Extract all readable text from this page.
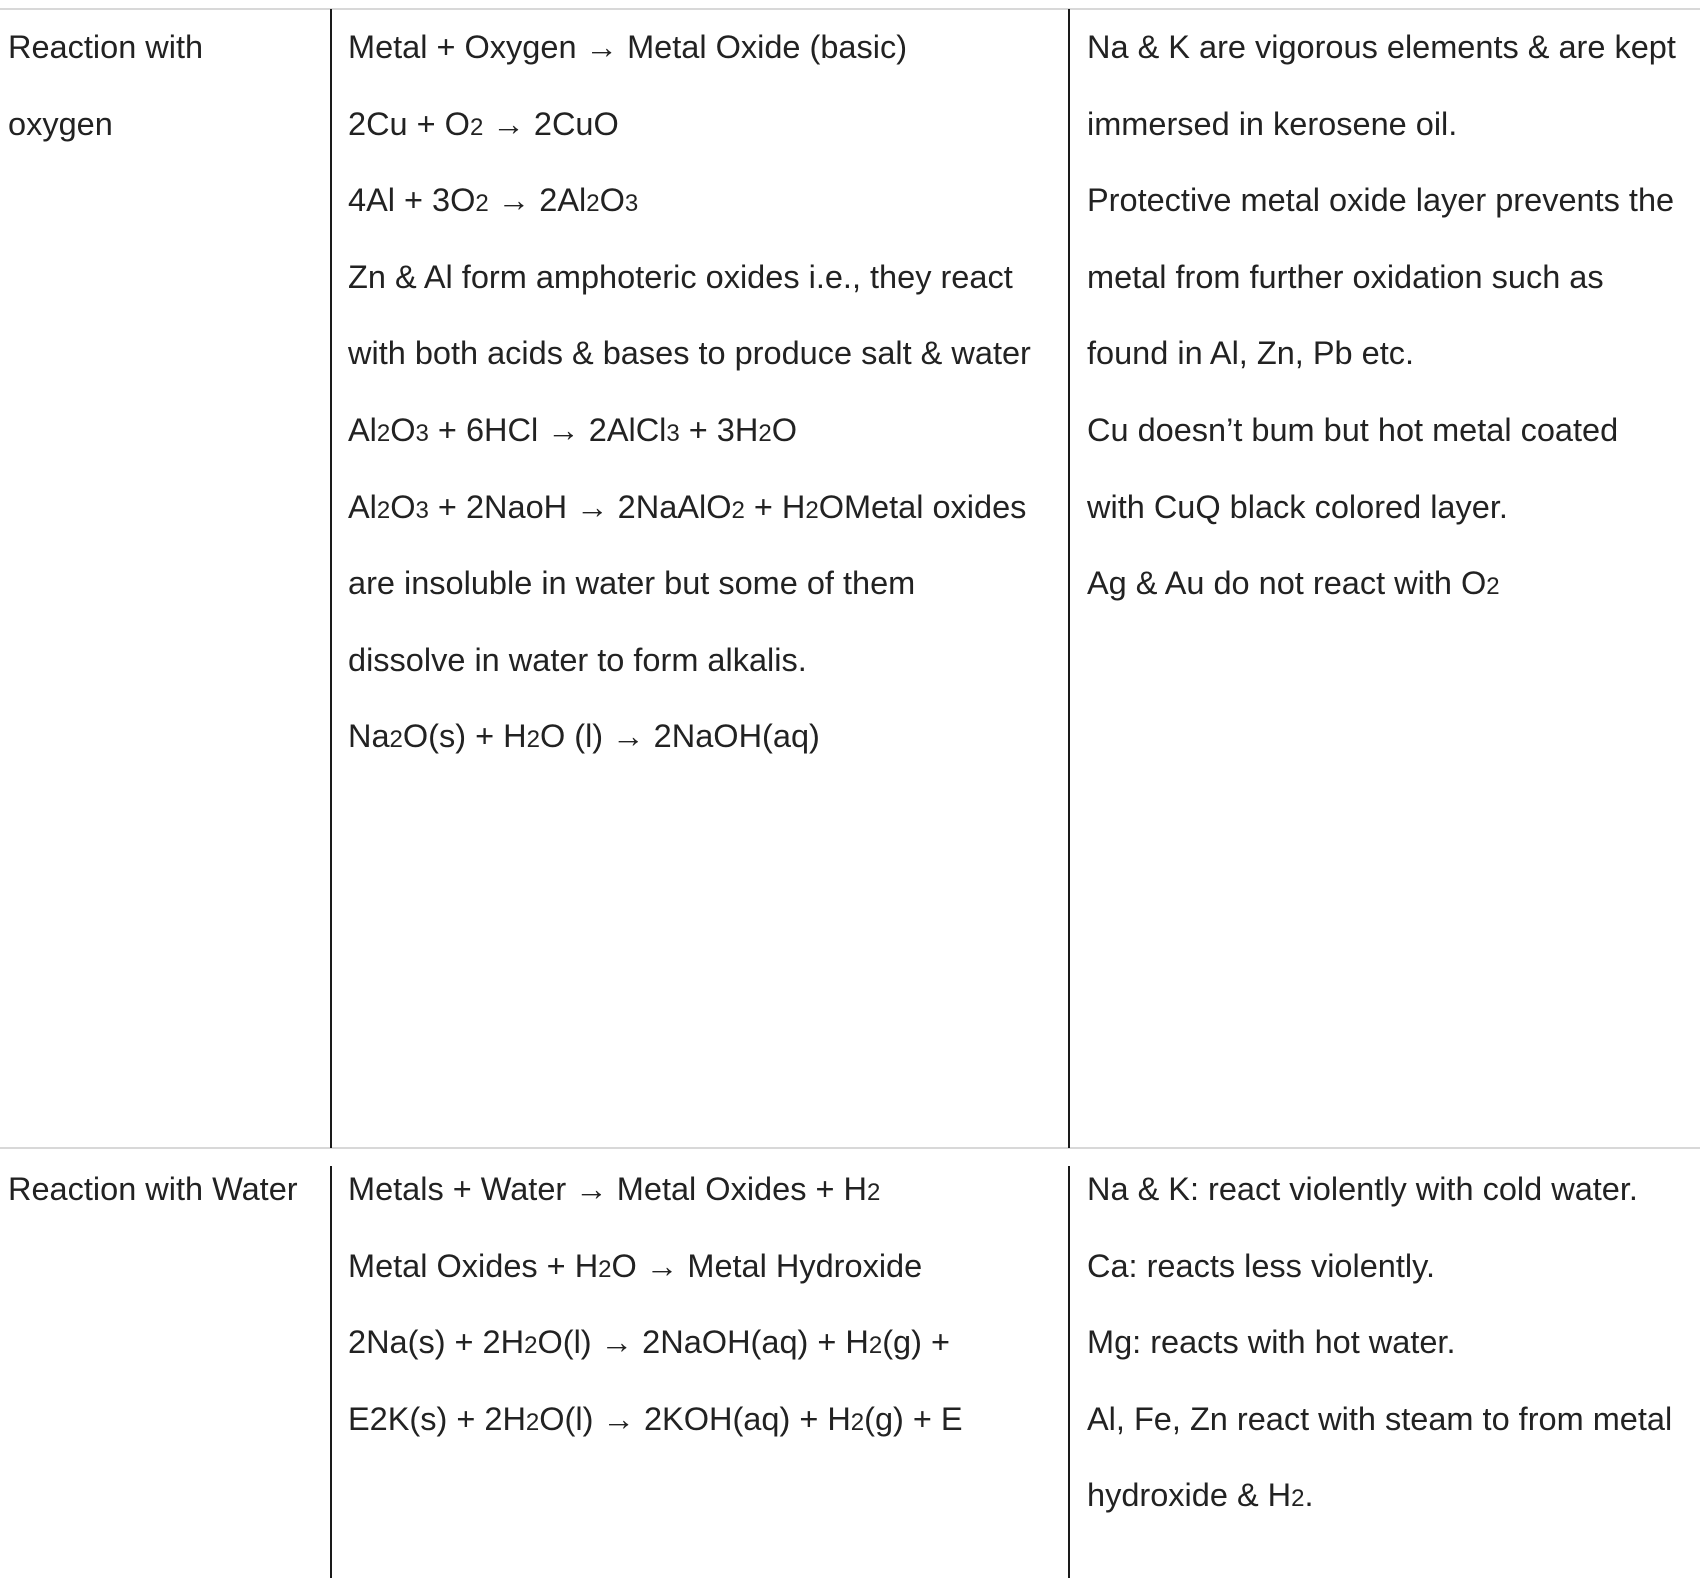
Reaction with
oxygen
Metal + Oxygen → Metal Oxide (basic)
2Cu + O2 → 2CuO
4Al + 3O2 → 2Al2O3
Zn & Al form amphoteric oxides i.e., they react
with both acids & bases to produce salt & water
Al2O3 + 6HCl → 2AlCl3 + 3H2O
Al2O3 + 2NaoH → 2NaAlO2 + H2OMetal oxides
are insoluble in water but some of them
dissolve in water to form alkalis.
Na2O(s) + H2O (l) → 2NaOH(aq)
Na & K are vigorous elements & are kept
immersed in kerosene oil.
Protective metal oxide layer prevents the
metal from further oxidation such as
found in Al, Zn, Pb etc.
Cu doesn’t bum but hot metal coated
with CuQ black colored layer.
Ag & Au do not react with O2
Reaction with Water	Metals + Water → Metal Oxides + H2
Metal Oxides + H2O → Metal Hydroxide
2Na(s) + 2H2O(l) → 2NaOH(aq) + H2(g) +
E2K(s) + 2H2O(l) → 2KOH(aq) + H2(g) + E
Na & K: react violently with cold water.
Ca: reacts less violently.
Mg: reacts with hot water.
Al, Fe, Zn react with steam to from metal
hydroxide & H2.
